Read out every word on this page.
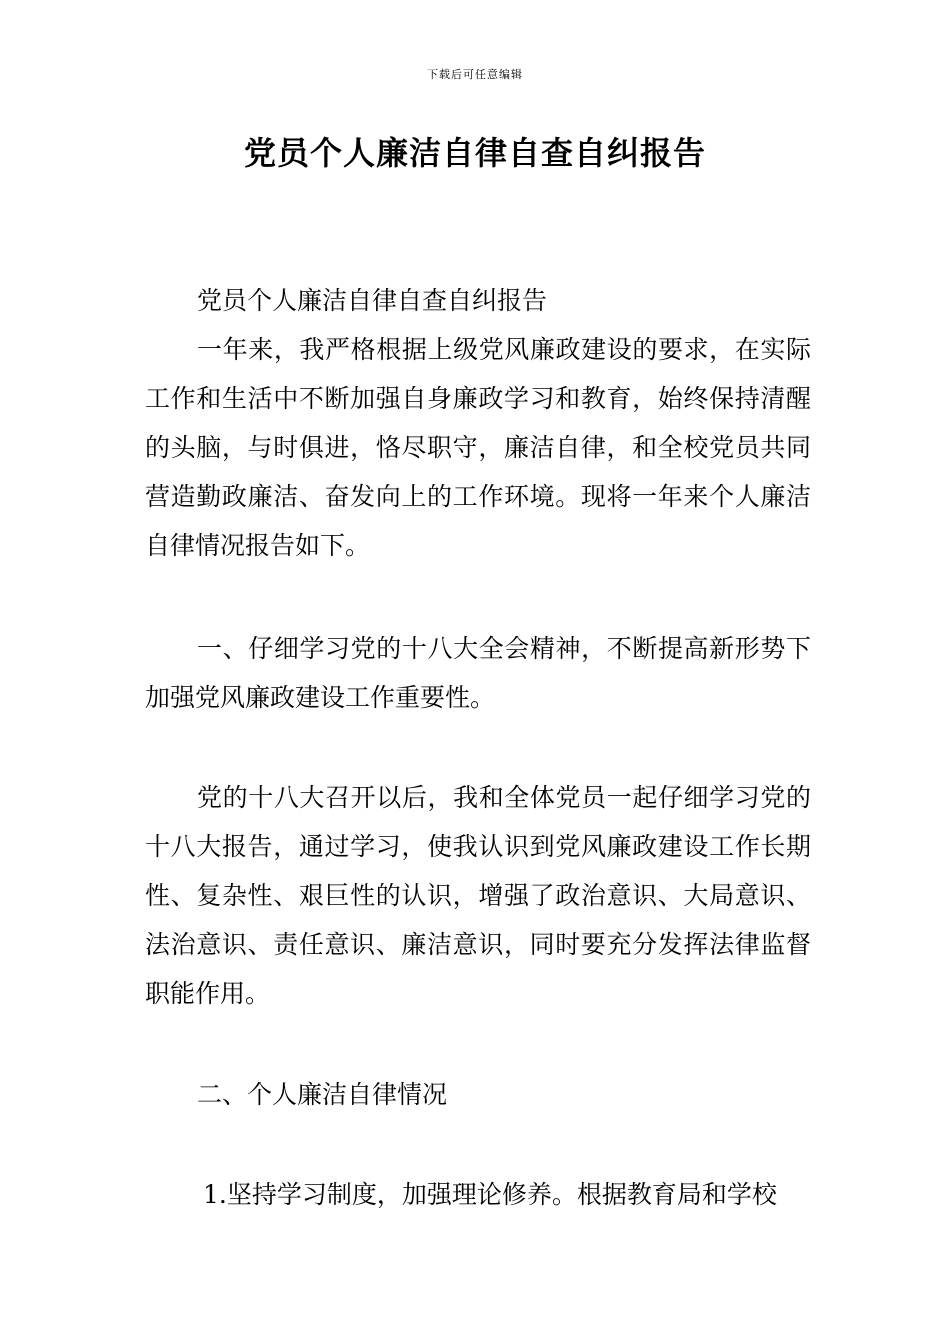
下载后可任意编辑
党员个人廉洁自律自查自纠报告

党员个人廉洁自律自查自纠报告

一年来，我严格根据上级党风廉政建设的要求，在实际工作和生活中不断加强自身廉政学习和教育，始终保持清醒的头脑，与时俱进，恪尽职守，廉洁自律，和全校党员共同营造勤政廉洁、奋发向上的工作环境。现将一年来个人廉洁自律情况报告如下。

一、仔细学习党的十八大全会精神，不断提高新形势下加强党风廉政建设工作重要性。

党的十八大召开以后，我和全体党员一起仔细学习党的十八大报告，通过学习，使我认识到党风廉政建设工作长期性、复杂性、艰巨性的认识，增强了政治意识、大局意识、法治意识、责任意识、廉洁意识，同时要充分发挥法律监督职能作用。

二、个人廉洁自律情况

1.坚持学习制度，加强理论修养。根据教育局和学校
